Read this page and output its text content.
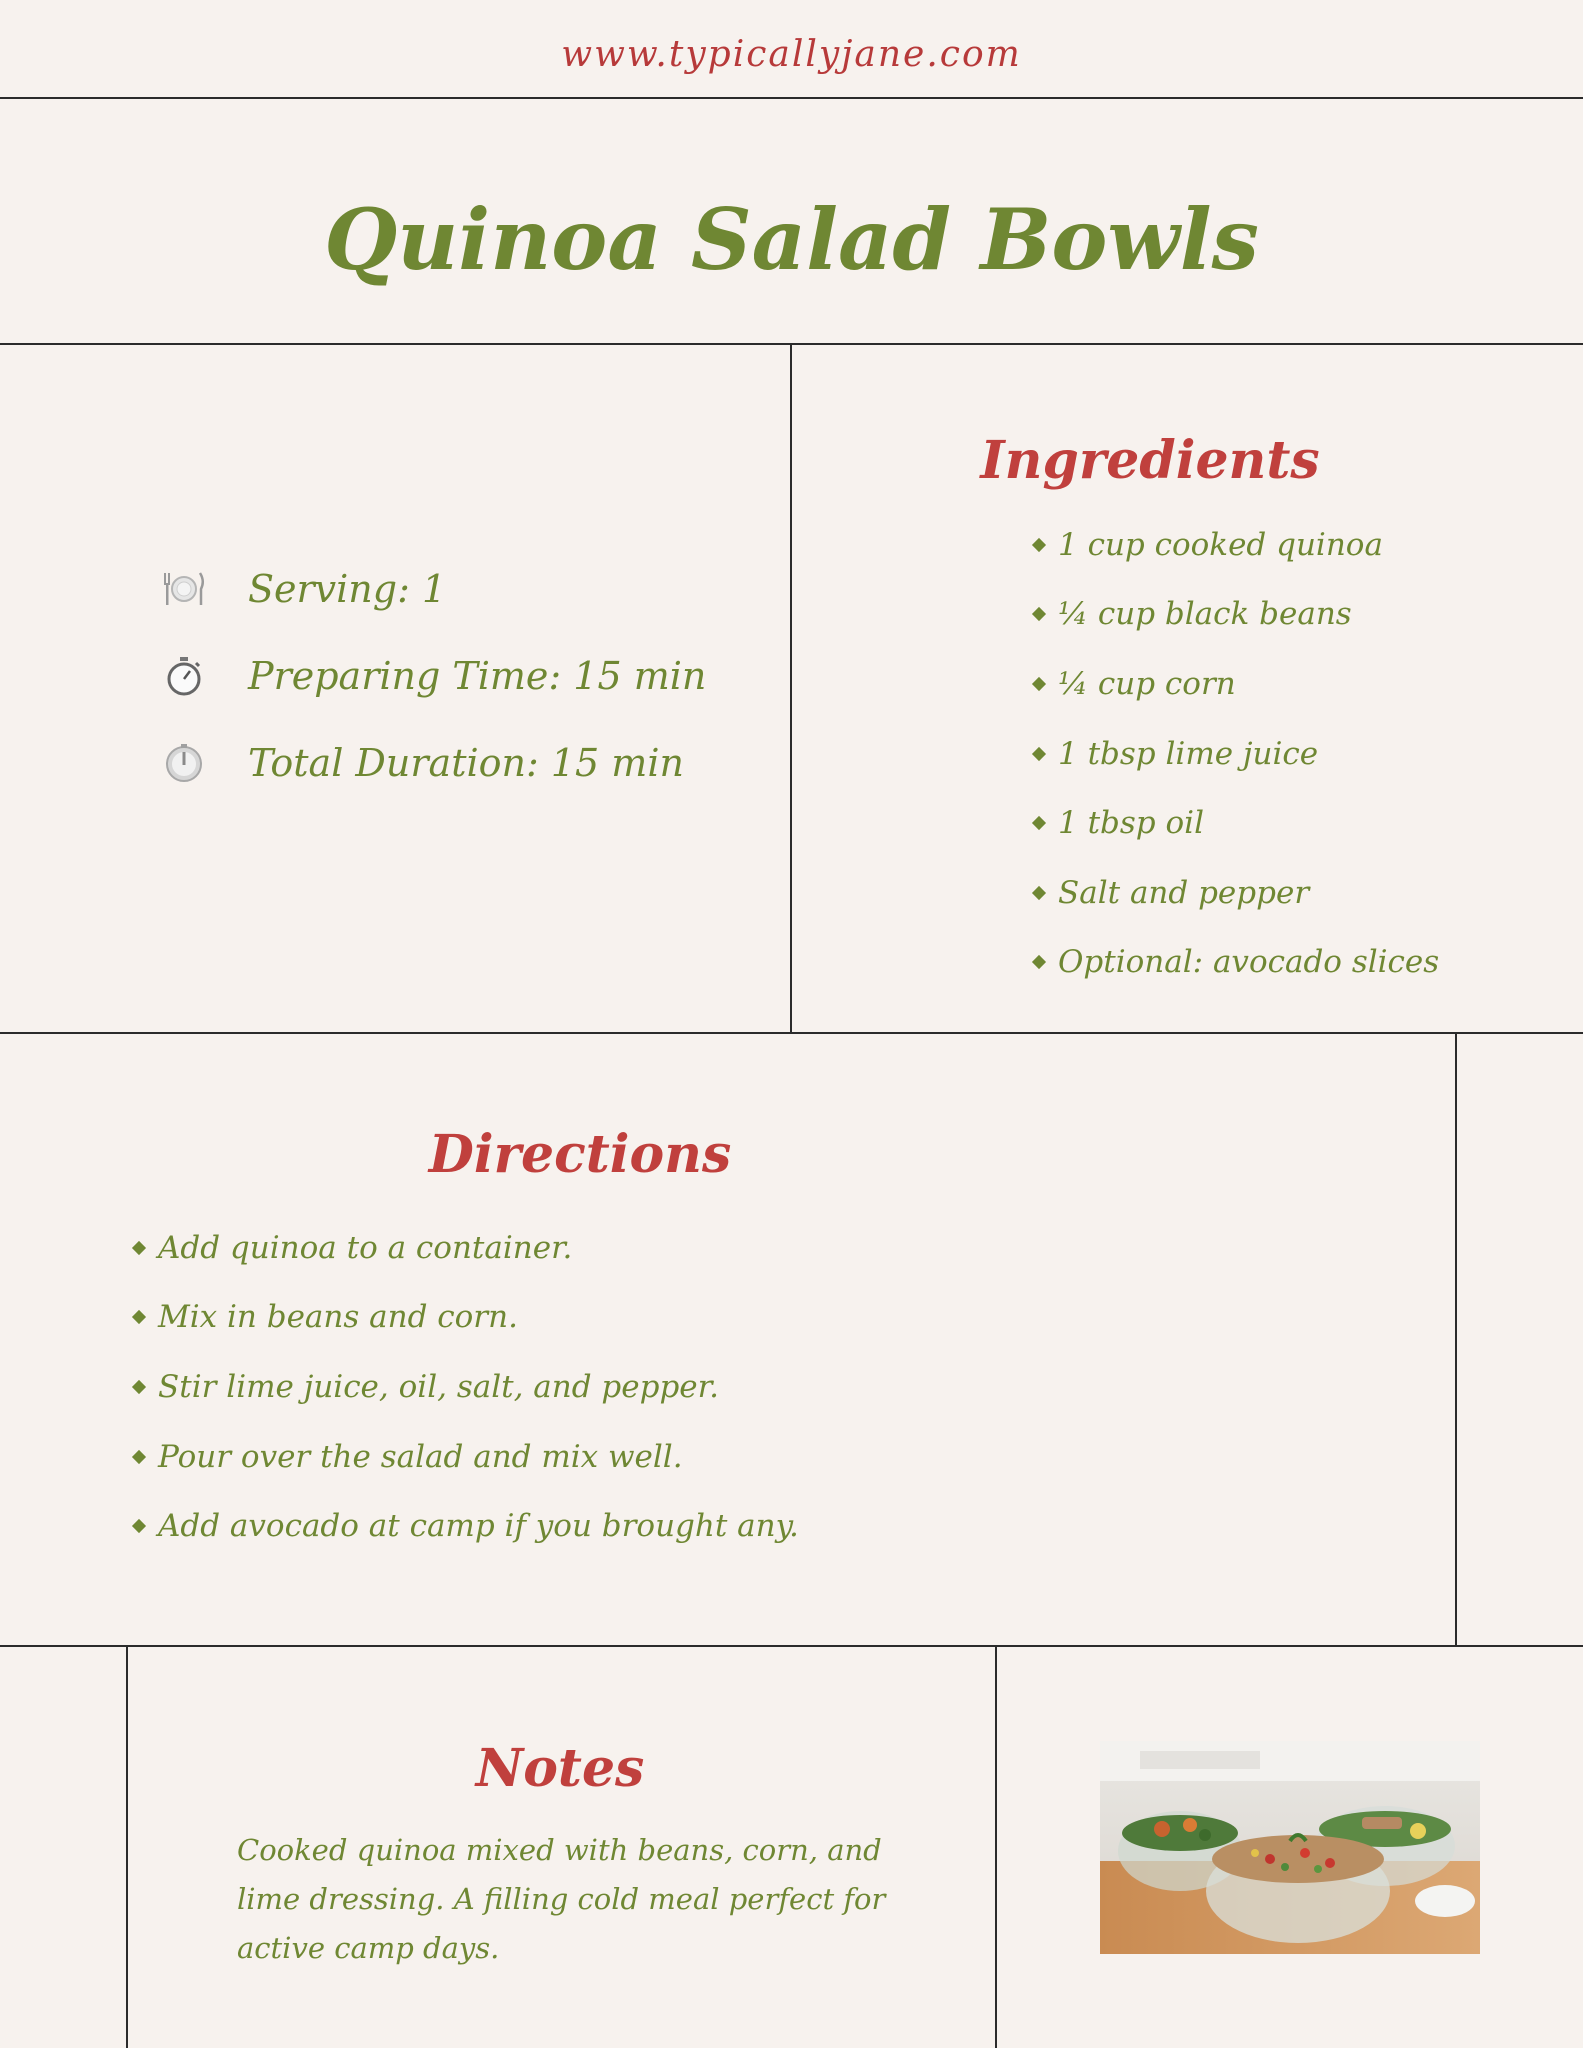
www.typicallyjane.com
Quinoa Salad Bowls
Serving: 1
Preparing Time: 15 min
Total Duration: 15 min
Ingredients
1 cup cooked quinoa
¼ cup black beans
¼ cup corn
1 tbsp lime juice
1 tbsp oil
Salt and pepper
Optional: avocado slices
Directions
Add quinoa to a container.
Mix in beans and corn.
Stir lime juice, oil, salt, and pepper.
Pour over the salad and mix well.
Add avocado at camp if you brought any.
Notes

Cooked quinoa mixed with beans, corn, and lime dressing. A filling cold meal perfect for active camp days.
